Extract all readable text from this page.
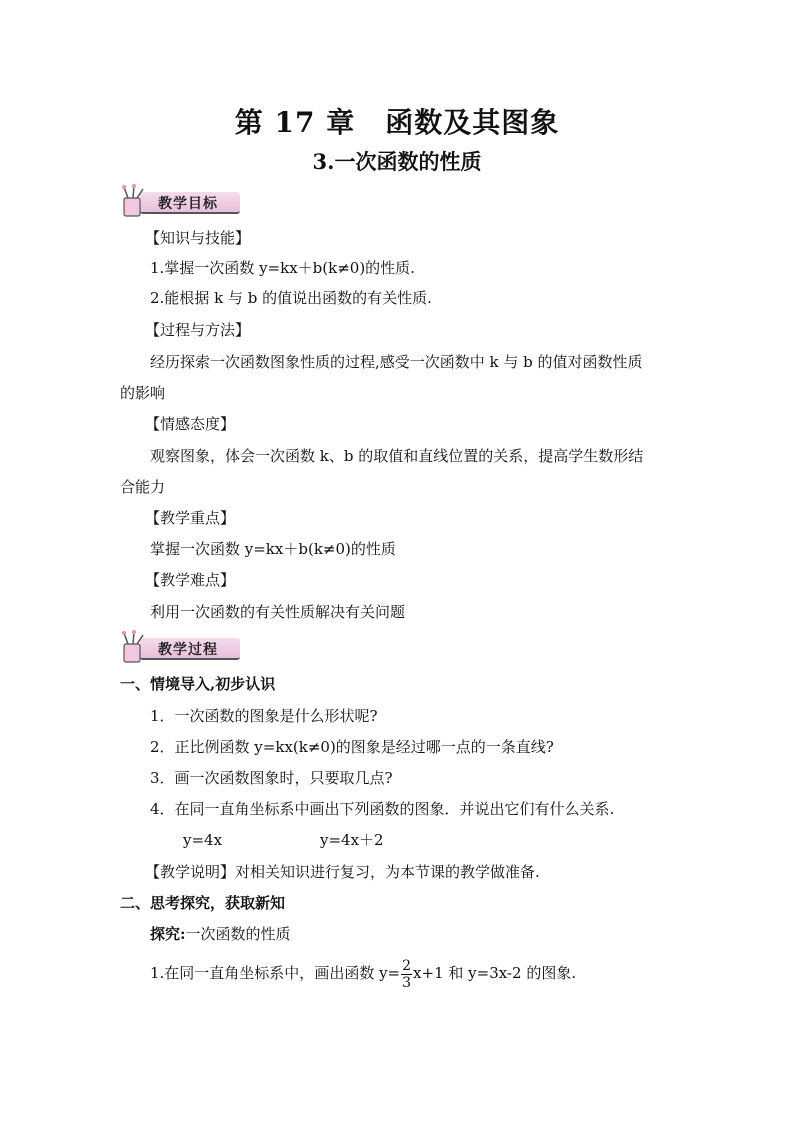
第 17 章 函数及其图象
3.一次函数的性质
教学目标
【知识与技能】
1.掌握一次函数 y=kx＋b(k≠0)的性质.
2.能根据 k 与 b 的值说出函数的有关性质.
【过程与方法】
经历探索一次函数图象性质的过程,感受一次函数中 k 与 b 的值对函数性质
的影响
【情感态度】
观察图象，体会一次函数 k、b 的取值和直线位置的关系，提高学生数形结
合能力
【教学重点】
掌握一次函数 y=kx＋b(k≠0)的性质
【教学难点】
利用一次函数的有关性质解决有关问题
教学过程
一、情境导入,初步认识
1．一次函数的图象是什么形状呢?
2．正比例函数 y=kx(k≠0)的图象是经过哪一点的一条直线?
3．画一次函数图象时，只要取几点?
4．在同一直角坐标系中画出下列函数的图象．并说出它们有什么关系.
y=4x	y=4x＋2
【教学说明】对相关知识进行复习，为本节课的教学做准备.
二、思考探究，获取新知
探究:一次函数的性质
1.在同一直角坐标系中，画出函数 $y= \frac{2}{3} x+1$ 和 y=3x-2 的图象.
